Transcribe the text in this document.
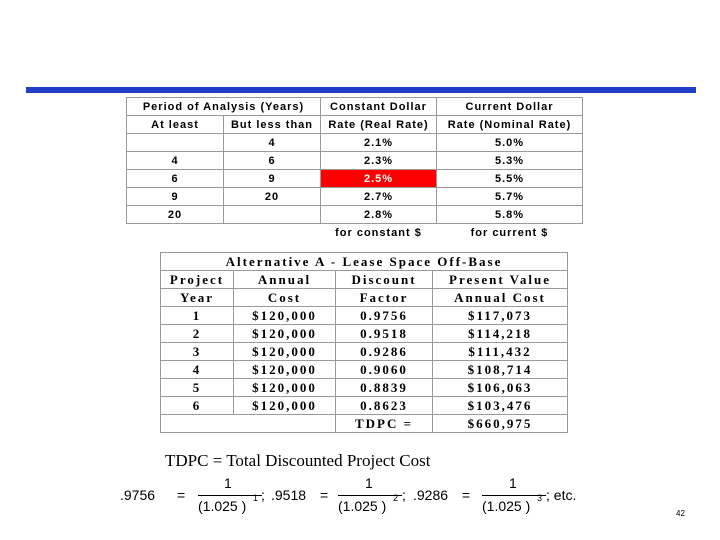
Period of Analysis (Years)		Constant Dollar	Current Dollar
At least	But less than	Rate (Real Rate)	Rate (Nominal Rate)
	4	2.1%	5.0%
4	6	2.3%	5.3%
6	9	2.5%	5.5%
9	20	2.7%	5.7%
20		2.8%	5.8%
		for constant $	for current $
Alternative A - Lease Space Off-Base			
Project	Annual	Discount	Present Value
Year	Cost	Factor	Annual Cost
1	$120,000	0.9756	$117,073
2	$120,000	0.9518	$114,218
3	$120,000	0.9286	$111,432
4	$120,000	0.9060	$108,714
5	$120,000	0.8839	$106,063
6	$120,000	0.8623	$103,476
		TDPC =	$660,975
TDPC = Total Discounted Project Cost
.9756 =
1
(1.025 ) 1 ; .9518 =
1
(1.025 ) 2 ; .9286 =
1
(1.025 ) 3 ; etc.
42
